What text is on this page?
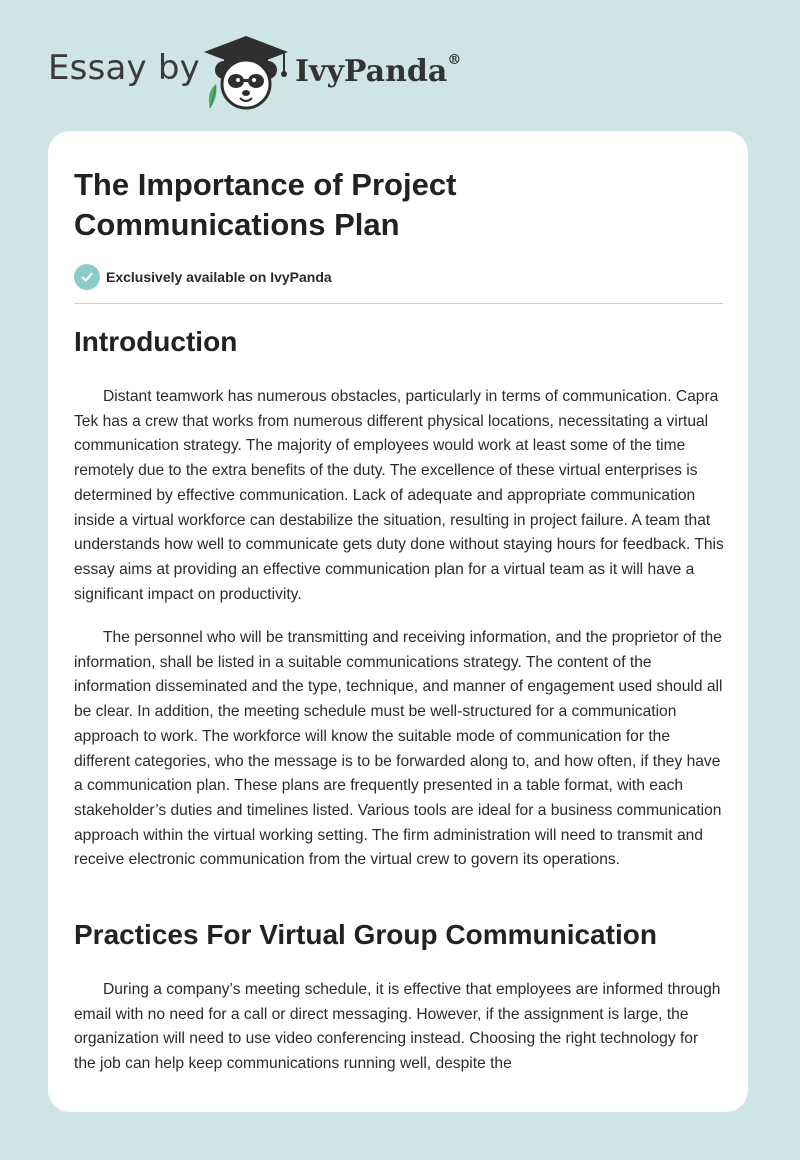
Essay by	IvyPanda®
The Importance of Project
Communications Plan
Exclusively available on IvyPanda
Introduction

Distant teamwork has numerous obstacles, particularly in terms of communication. Capra Tek has a crew that works from numerous different physical locations, necessitating a virtual communication strategy. The majority of employees would work at least some of the time remotely due to the extra benefits of the duty. The excellence of these virtual enterprises is determined by effective communication. Lack of adequate and appropriate communication inside a virtual workforce can destabilize the situation, resulting in project failure. A team that understands how well to communicate gets duty done without staying hours for feedback. This essay aims at providing an effective communication plan for a virtual team as it will have a significant impact on productivity.

The personnel who will be transmitting and receiving information, and the proprietor of the information, shall be listed in a suitable communications strategy. The content of the information disseminated and the type, technique, and manner of engagement used should all be clear. In addition, the meeting schedule must be well-structured for a communication approach to work. The workforce will know the suitable mode of communication for the different categories, who the message is to be forwarded along to, and how often, if they have a communication plan. These plans are frequently presented in a table format, with each stakeholder’s duties and timelines listed. Various tools are ideal for a business communication approach within the virtual working setting. The firm administration will need to transmit and receive electronic communication from the virtual crew to govern its operations.

Practices For Virtual Group Communication

During a company’s meeting schedule, it is effective that employees are informed through email with no need for a call or direct messaging. However, if the assignment is large, the organization will need to use video conferencing instead. Choosing the right technology for the job can help keep communications running well, despite the
